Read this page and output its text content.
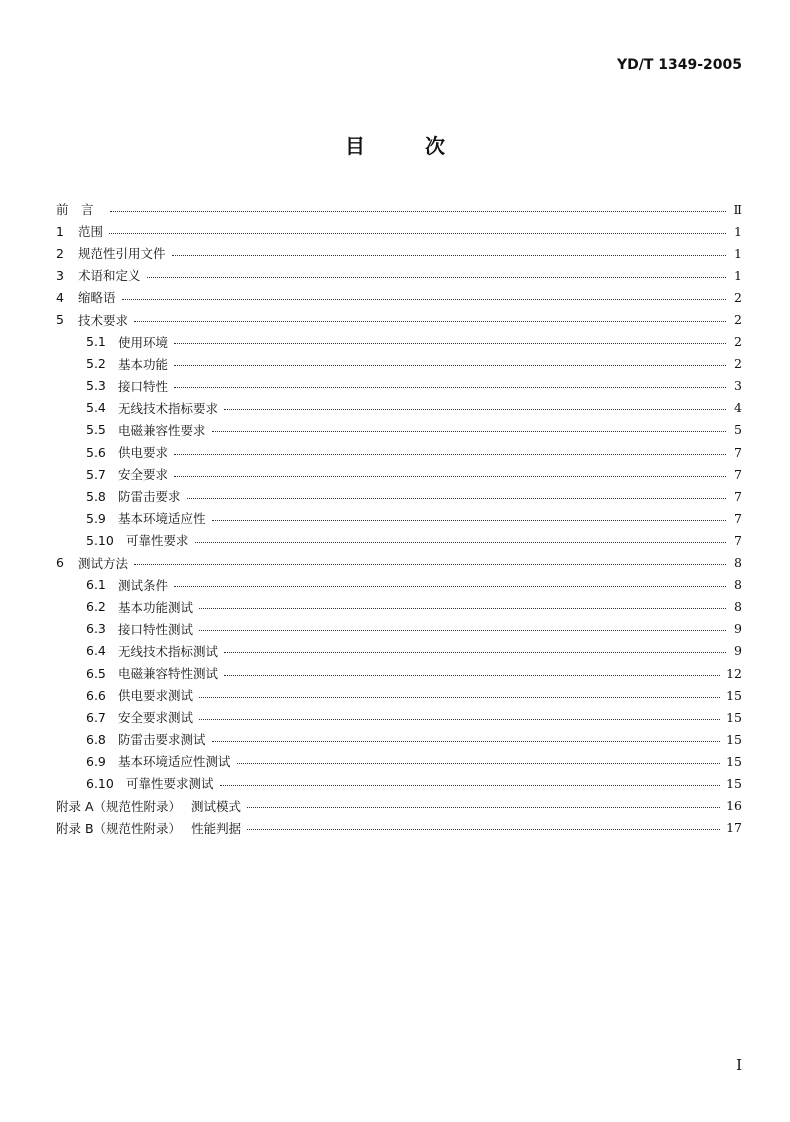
YD/T 1349-2005
目	次
前　言	Ⅱ
1	范围	1
2	规范性引用文件	1
3	术语和定义	1
4	缩略语	2
5	技术要求	2
5.1 使用环境	2
5.2 基本功能	2
5.3 接口特性	3
5.4 无线技术指标要求	4
5.5 电磁兼容性要求	5
5.6 供电要求	7
5.7 安全要求	7
5.8 防雷击要求	7
5.9 基本环境适应性	7
5.10 可靠性要求	7
6	测试方法	8
6.1 测试条件	8
6.2 基本功能测试	8
6.3 接口特性测试	9
6.4 无线技术指标测试	9
6.5 电磁兼容特性测试	12
6.6 供电要求测试	15
6.7 安全要求测试	15
6.8 防雷击要求测试	15
6.9 基本环境适应性测试	15
6.10 可靠性要求测试	15
附录 A（规范性附录） 测试模式	16
附录 B（规范性附录） 性能判据	17
I
